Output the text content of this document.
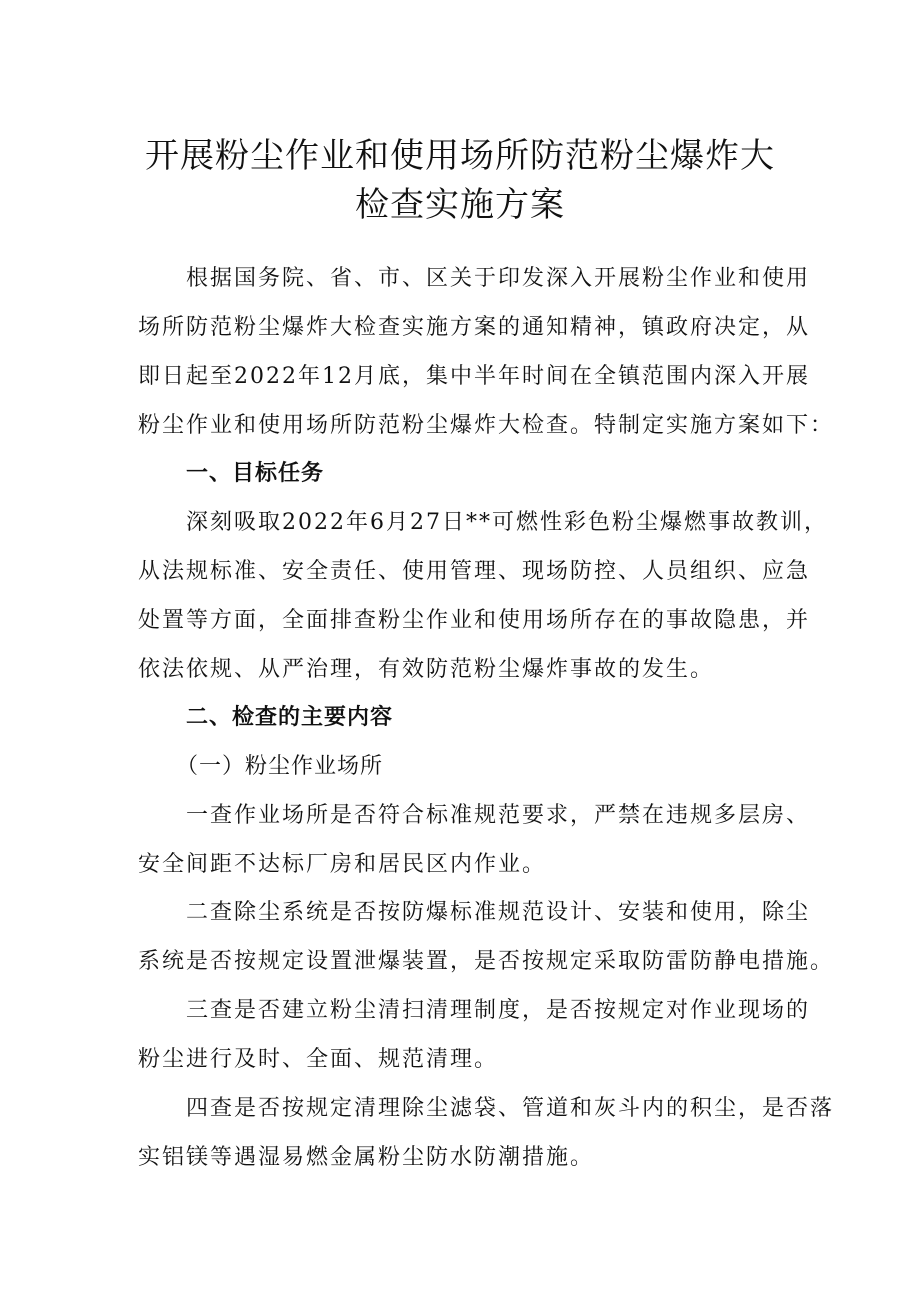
开展粉尘作业和使用场所防范粉尘爆炸大
检查实施方案
根据国务院、省、市、区关于印发深入开展粉尘作业和使用
场所防范粉尘爆炸大检查实施方案的通知精神，镇政府决定，从
即日起至2022年12月底，集中半年时间在全镇范围内深入开展
粉尘作业和使用场所防范粉尘爆炸大检查。特制定实施方案如下：
一、目标任务
深刻吸取2022年6月27日**可燃性彩色粉尘爆燃事故教训，
从法规标准、安全责任、使用管理、现场防控、人员组织、应急
处置等方面，全面排查粉尘作业和使用场所存在的事故隐患，并
依法依规、从严治理，有效防范粉尘爆炸事故的发生。
二、检查的主要内容
（一）粉尘作业场所
一查作业场所是否符合标准规范要求，严禁在违规多层房、
安全间距不达标厂房和居民区内作业。
二查除尘系统是否按防爆标准规范设计、安装和使用，除尘
系统是否按规定设置泄爆装置，是否按规定采取防雷防静电措施。
三查是否建立粉尘清扫清理制度，是否按规定对作业现场的
粉尘进行及时、全面、规范清理。
四查是否按规定清理除尘滤袋、管道和灰斗内的积尘，是否落
实铝镁等遇湿易燃金属粉尘防水防潮措施。
